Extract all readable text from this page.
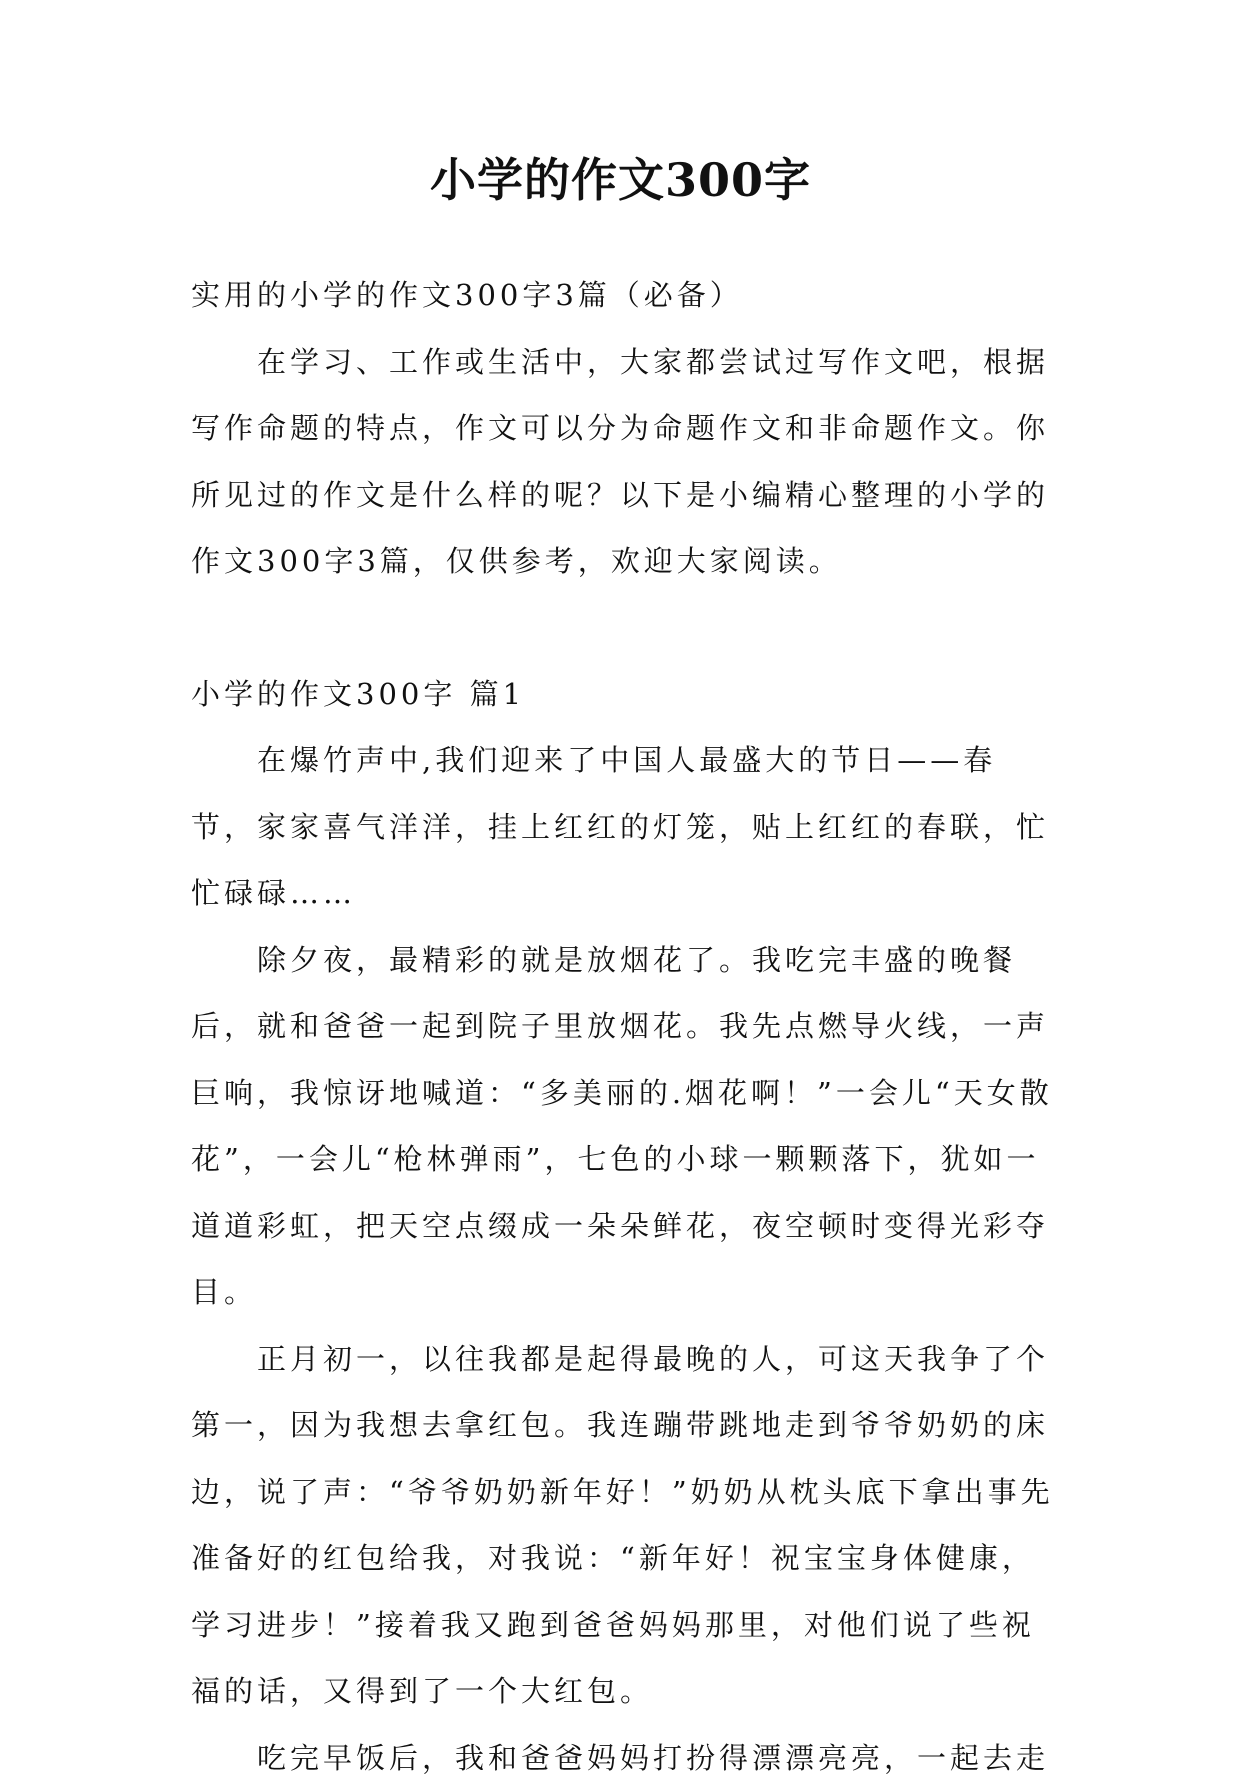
小学的作文300字

实用的小学的作文300字3篇（必备）

在学习、工作或生活中，大家都尝试过写作文吧，根据写作命题的特点，作文可以分为命题作文和非命题作文。你所见过的作文是什么样的呢？以下是小编精心整理的小学的作文300字3篇，仅供参考，欢迎大家阅读。

小学的作文300字 篇1

在爆竹声中,我们迎来了中国人最盛大的节日——春节，家家喜气洋洋，挂上红红的灯笼，贴上红红的春联，忙忙碌碌……

除夕夜，最精彩的就是放烟花了。我吃完丰盛的晚餐后，就和爸爸一起到院子里放烟花。我先点燃导火线，一声巨响，我惊讶地喊道：“多美丽的.烟花啊！”一会儿“天女散花”，一会儿“枪林弹雨”，七色的小球一颗颗落下，犹如一道道彩虹，把天空点缀成一朵朵鲜花，夜空顿时变得光彩夺目。

正月初一，以往我都是起得最晚的人，可这天我争了个第一，因为我想去拿红包。我连蹦带跳地走到爷爷奶奶的床边，说了声：“爷爷奶奶新年好！”奶奶从枕头底下拿出事先准备好的红包给我，对我说：“新年好！祝宝宝身体健康，学习进步！”接着我又跑到爸爸妈妈那里，对他们说了些祝福的话，又得到了一个大红包。

吃完早饭后，我和爸爸妈妈打扮得漂漂亮亮，一起去走
